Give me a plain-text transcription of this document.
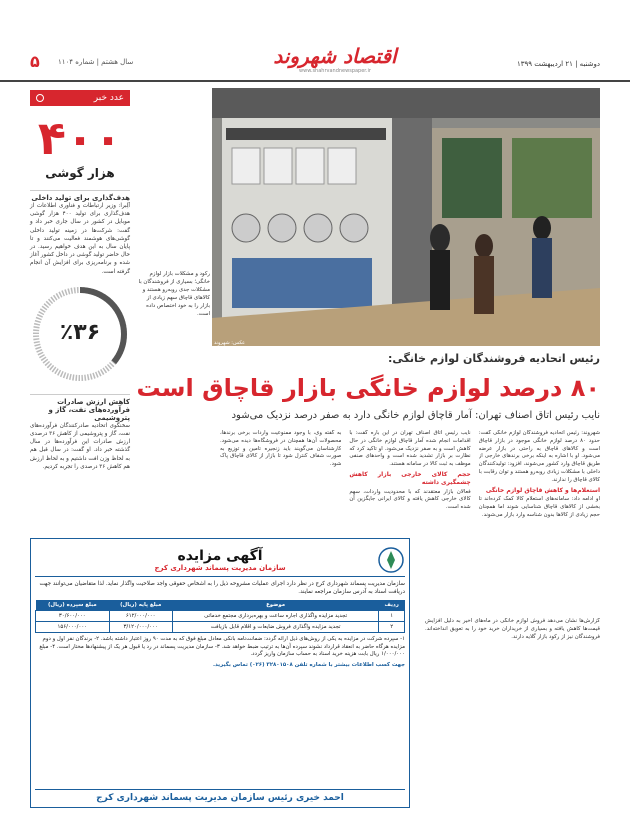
۵	سال هشتم | شماره ۱۱۰۴	اقتصاد شهروند
www.shahrvandnewspaper.ir
دوشنبه | ۲۱ اردیبهشت ۱۳۹۹
عدد خبر
۴۰۰
هزار گوشی
هدف‌گذاری برای تولید داخلی
اَلِبرا: وزیر ارتباطات و فناوری اطلاعات از هدف‌گذاری برای تولید ۴۰۰ هزار گوشی موبایل در کشور در سال جاری خبر داد و گفت: شرکت‌ها در زمینه تولید داخلی گوشی‌های هوشمند فعالیت می‌کنند و تا پایان سال به این هدف خواهیم رسید. در حال حاضر تولید گوشی در داخل کشور آغاز شده و برنامه‌ریزی برای افزایش آن انجام گرفته است.
٪۳۶
کاهش ارزش صادرات فرآورده‌های نفت، گاز و پتروشیمی
سخنگوی اتحادیه صادرکنندگان فرآورده‌های نفت، گاز و پتروشیمی از کاهش ۳۶ درصدی ارزش صادرات این فرآورده‌ها در سال گذشته خبر داد. او گفت: در سال قبل هم به لحاظ وزن افت داشتیم و به لحاظ ارزش هم کاهش ۳۶ درصدی را تجربه کردیم.
عکس: شهروند
رکود و مشکلات بازار لوازم خانگی؛ بسیاری از فروشندگان با مشکلات جدی روبه‌رو هستند و کالاهای قاچاق سهم زیادی از بازار را به خود اختصاص داده است.
رئیس اتحادیه فروشندگان لوازم خانگی:
۸۰ درصد لوازم خانگی بازار قاچاق است
نایب رئیس اتاق اصناف تهران: آمار قاچاق لوازم خانگی دارد به صفر درصد نزدیک می‌شود
شهروند: رئیس اتحادیه فروشندگان لوازم خانگی گفت: حدود ۸۰ درصد لوازم خانگی موجود در بازار قاچاق است و کالاهای قاچاق به راحتی در بازار عرضه می‌شود. او با اشاره به اینکه برخی برندهای خارجی از طریق قاچاق وارد کشور می‌شوند، افزود: تولیدکنندگان داخلی با مشکلات زیادی روبه‌رو هستند و توان رقابت با کالای قاچاق را ندارند.
استعلام‌ها و کاهش قاچاق لوازم خانگی
او ادامه داد: سامانه‌های استعلام کالا کمک کرده‌اند تا بخشی از کالاهای قاچاق شناسایی شوند اما همچنان حجم زیادی از کالاها بدون شناسه وارد بازار می‌شوند.
نایب رئیس اتاق اصناف تهران در این باره گفت: با اقدامات انجام شده آمار قاچاق لوازم خانگی در حال کاهش است و به صفر نزدیک می‌شود. او تاکید کرد که نظارت بر بازار تشدید شده است و واحدهای صنفی موظف به ثبت کالا در سامانه هستند.
حجم کالای خارجی بازار کاهش چشمگیری داشته
فعالان بازار معتقدند که با محدودیت واردات، سهم کالای خارجی کاهش یافته و کالای ایرانی جایگزین آن شده است.
به گفته وی، با وجود ممنوعیت واردات برخی برندها، محصولات آن‌ها همچنان در فروشگاه‌ها دیده می‌شود. کارشناسان می‌گویند باید زنجیره تامین و توزیع به صورت شفاف کنترل شود تا بازار از کالای قاچاق پاک شود.
گزارش‌ها نشان می‌دهد فروش لوازم خانگی در ماه‌های اخیر به دلیل افزایش قیمت‌ها کاهش یافته و بسیاری از خریداران خرید خود را به تعویق انداخته‌اند. فروشندگان نیز از رکود بازار گلایه دارند.
آگهی مزایده
سازمان مدیریت پسماند شهرداری کرج
سازمان مدیریت پسماند شهرداری کرج در نظر دارد اجرای عملیات مشروحه ذیل را به اشخاص حقوقی واجد صلاحیت واگذار نماید. لذا متقاضیان می‌توانند جهت دریافت اسناد به آدرس سازمان مراجعه نمایند.
ردیف	موضوع	مبلغ پایه (ریال)	مبلغ سپرده (ریال)
۱	تجدید مزایده واگذاری اجاره ساعت و بهره‌برداری مجتمع خدماتی	۶۱۲/۰۰۰/۰۰۰	۳۰/۶۰۰/۰۰۰
۲	تجدید مزایده واگذاری فروش ضایعات و اقلام قابل بازیافت	۳/۱۲۰/۰۰۰/۰۰۰	۱۵۶/۰۰۰/۰۰۰
۱- سپرده شرکت در مزایده به یکی از روش‌های ذیل ارائه گردد: ضمانت‌نامه بانکی معادل مبلغ فوق که به مدت ۹۰ روز اعتبار داشته باشد. ۲- برندگان نفر اول و دوم مزایده هرگاه حاضر به انعقاد قرارداد نشوند سپرده آن‌ها به ترتیب ضبط خواهد شد. ۳- سازمان مدیریت پسماند در رد یا قبول هر یک از پیشنهادها مختار است. ۴- مبلغ ۱/۰۰۰/۰۰۰ ریال بابت هزینه خرید اسناد به حساب سازمان واریز گردد.
جهت کسب اطلاعات بیشتر با شماره تلفن ۳۲۸۰۱۵۰۸ (۰۲۶) تماس بگیرید.
احمد خیری رئیس سازمان مدیریت پسماند شهرداری کرج
